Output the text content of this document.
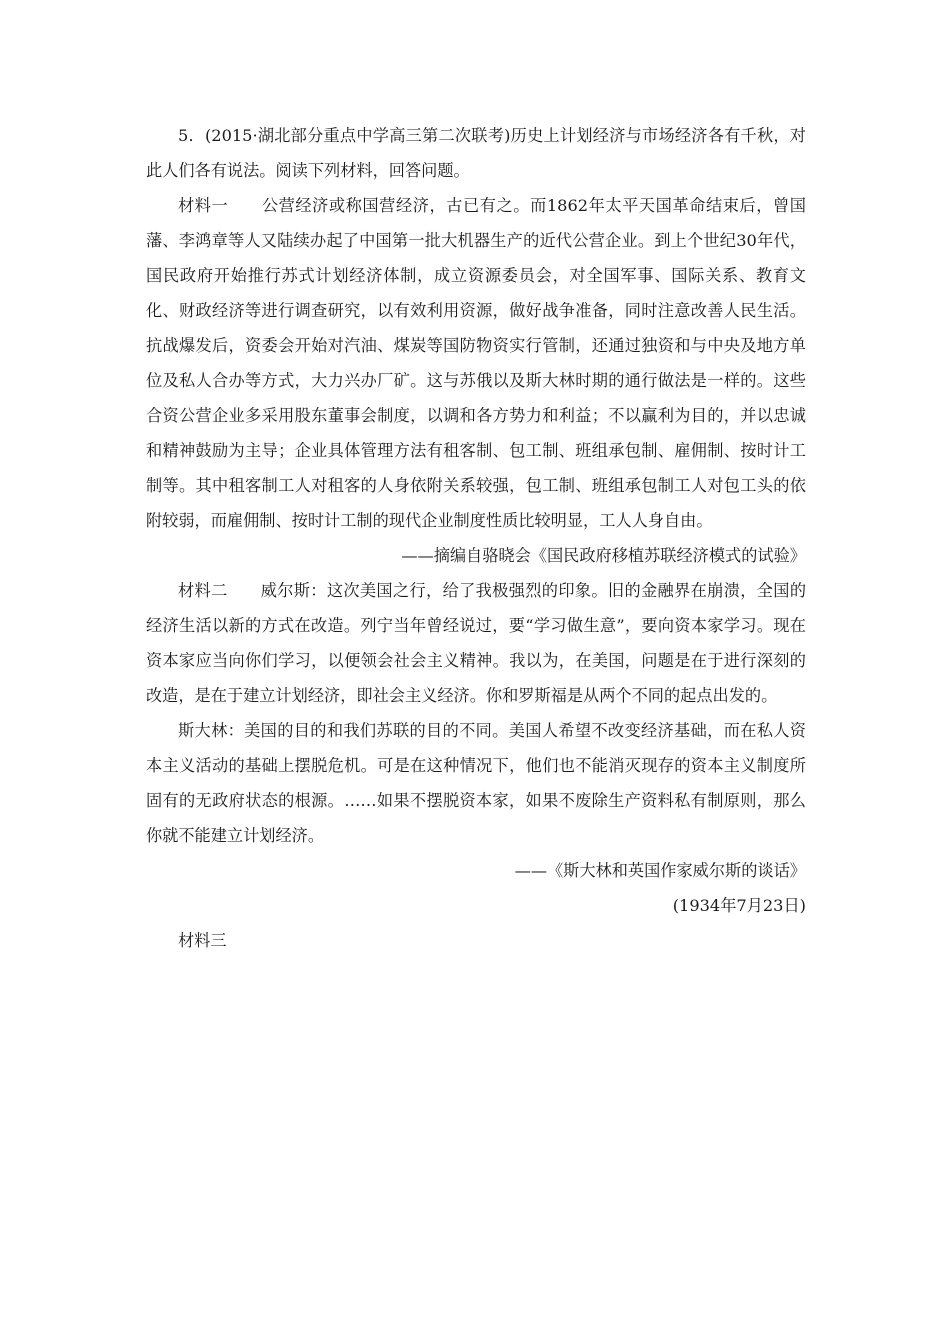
5．(2015·湖北部分重点中学高三第二次联考)历史上计划经济与市场经济各有千秋，对此人们各有说法。阅读下列材料，回答问题。

材料一　　 公营经济或称国营经济，古已有之。而1862年太平天国革命结束后，曾国藩、李鸿章等人又陆续办起了中国第一批大机器生产的近代公营企业。到上个世纪30年代，国民政府开始推行苏式计划经济体制，成立资源委员会，对全国军事、国际关系、教育文化、财政经济等进行调查研究，以有效利用资源，做好战争准备，同时注意改善人民生活。抗战爆发后，资委会开始对汽油、煤炭等国防物资实行管制，还通过独资和与中央及地方单位及私人合办等方式，大力兴办厂矿。这与苏俄以及斯大林时期的通行做法是一样的。这些合资公营企业多采用股东董事会制度，以调和各方势力和利益；不以赢利为目的，并以忠诚和精神鼓励为主导；企业具体管理方法有租客制、包工制、班组承包制、雇佣制、按时计工制等。其中租客制工人对租客的人身依附关系较强，包工制、班组承包制工人对包工头的依附较弱，而雇佣制、按时计工制的现代企业制度性质比较明显，工人人身自由。

——摘编自骆晓会《国民政府移植苏联经济模式的试验》

材料二　　 威尔斯：这次美国之行，给了我极强烈的印象。旧的金融界在崩溃，全国的经济生活以新的方式在改造。列宁当年曾经说过，要“学习做生意”，要向资本家学习。现在资本家应当向你们学习，以便领会社会主义精神。我以为，在美国，问题是在于进行深刻的改造，是在于建立计划经济，即社会主义经济。你和罗斯福是从两个不同的起点出发的。

斯大林：美国的目的和我们苏联的目的不同。美国人希望不改变经济基础，而在私人资本主义活动的基础上摆脱危机。可是在这种情况下，他们也不能消灭现存的资本主义制度所固有的无政府状态的根源。……如果不摆脱资本家，如果不废除生产资料私有制原则，那么你就不能建立计划经济。

——《斯大林和英国作家威尔斯的谈话》

(1934年7月23日)

材料三
